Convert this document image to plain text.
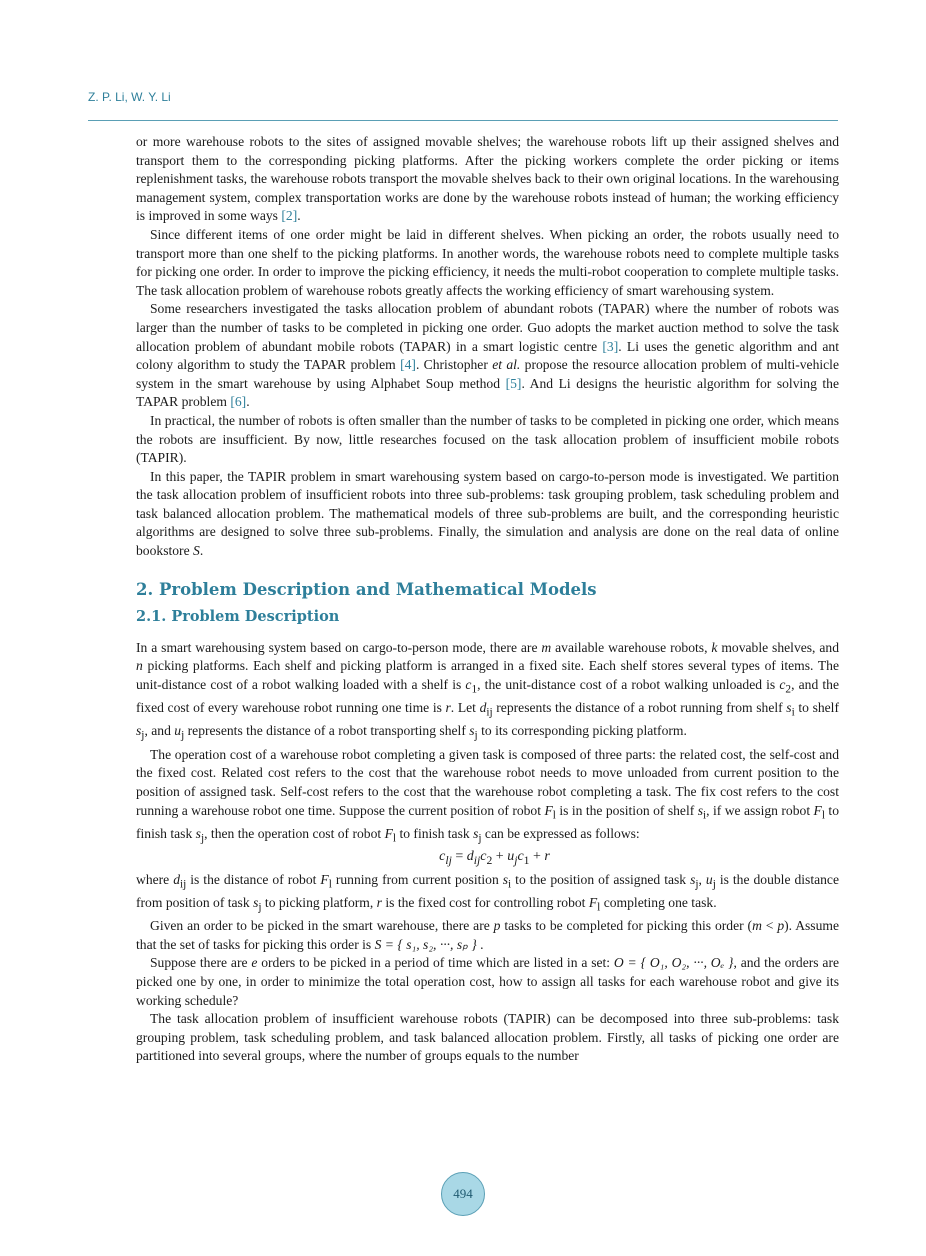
Z. P. Li, W. Y. Li

or more warehouse robots to the sites of assigned movable shelves; the warehouse robots lift up their assigned shelves and transport them to the corresponding picking platforms. After the picking workers complete the order picking or items replenishment tasks, the warehouse robots transport the movable shelves back to their own original locations. In the warehousing management system, complex transportation works are done by the warehouse robots instead of human; the working efficiency is improved in some ways [2].

Since different items of one order might be laid in different shelves. When picking an order, the robots usually need to transport more than one shelf to the picking platforms. In another words, the warehouse robots need to complete multiple tasks for picking one order. In order to improve the picking efficiency, it needs the multi-robot cooperation to complete multiple tasks. The task allocation problem of warehouse robots greatly affects the working efficiency of smart warehousing system.

Some researchers investigated the tasks allocation problem of abundant robots (TAPAR) where the number of robots was larger than the number of tasks to be completed in picking one order. Guo adopts the market auction method to solve the task allocation problem of abundant mobile robots (TAPAR) in a smart logistic centre [3]. Li uses the genetic algorithm and ant colony algorithm to study the TAPAR problem [4]. Christopher et al. propose the resource allocation problem of multi-vehicle system in the smart warehouse by using Alphabet Soup method [5]. And Li designs the heuristic algorithm for solving the TAPAR problem [6].

In practical, the number of robots is often smaller than the number of tasks to be completed in picking one order, which means the robots are insufficient. By now, little researches focused on the task allocation problem of insufficient mobile robots (TAPIR).

In this paper, the TAPIR problem in smart warehousing system based on cargo-to-person mode is investigated. We partition the task allocation problem of insufficient robots into three sub-problems: task grouping problem, task scheduling problem and task balanced allocation problem. The mathematical models of three sub-problems are built, and the corresponding heuristic algorithms are designed to solve three sub-problems. Finally, the simulation and analysis are done on the real data of online bookstore S.

2. Problem Description and Mathematical Models
2.1. Problem Description

In a smart warehousing system based on cargo-to-person mode, there are m available warehouse robots, k movable shelves, and n picking platforms. Each shelf and picking platform is arranged in a fixed site. Each shelf stores several types of items. The unit-distance cost of a robot walking loaded with a shelf is $c_1$, the unit-distance cost of a robot walking unloaded is $c_2$, and the fixed cost of every warehouse robot running one time is r. Let $d_{ij}$ represents the distance of a robot running from shelf $s_i$ to shelf $s_j$, and $u_j$ represents the distance of a robot transporting shelf $s_j$ to its corresponding picking platform.

The operation cost of a warehouse robot completing a given task is composed of three parts: the related cost, the self-cost and the fixed cost. Related cost refers to the cost that the warehouse robot needs to move unloaded from current position to the position of assigned task. Self-cost refers to the cost that the warehouse robot completing a task. The fix cost refers to the cost running a warehouse robot one time. Suppose the current position of robot $F_l$ is in the position of shelf $s_i$, if we assign robot $F_l$ to finish task $s_j$, then the operation cost of robot $F_l$ to finish task $s_j$ can be expressed as follows:

$c_{lj} = d_{ij}c_2 + u_jc_1 + r$

where $d_{ij}$ is the distance of robot $F_l$ running from current position $s_i$ to the position of assigned task $s_j$, $u_j$ is the double distance from position of task $s_j$ to picking platform, r is the fixed cost for controlling robot $F_l$ completing one task.

Given an order to be picked in the smart warehouse, there are p tasks to be completed for picking this order (m < p). Assume that the set of tasks for picking this order is S = { s₁, s₂, ···, sₚ } .

Suppose there are e orders to be picked in a period of time which are listed in a set: O = { O₁, O₂, ···, Oₑ }, and the orders are picked one by one, in order to minimize the total operation cost, how to assign all tasks for each warehouse robot and give its working schedule?

The task allocation problem of insufficient warehouse robots (TAPIR) can be decomposed into three sub-problems: task grouping problem, task scheduling problem, and task balanced allocation problem. Firstly, all tasks of picking one order are partitioned into several groups, where the number of groups equals to the number

494
